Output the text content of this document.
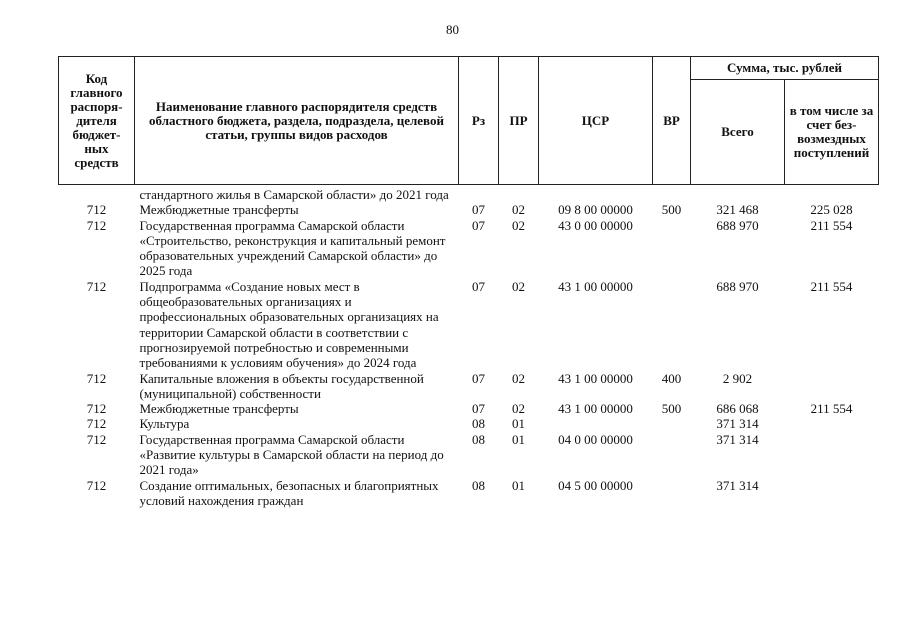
80
Код главного распоря-дителя бюджет-ных средств	Наименование главного распорядителя средств областного бюджета, раздела, подраздела, целевой статьи, группы видов расходов	Рз	ПР	ЦСР	ВР	Сумма, тыс. рублей	
						Всего	в том числе за счет без-возмездных поступлений
	стандартного жилья в Самарской области» до 2021 года						
712	Межбюджетные трансферты	07	02	09 8 00 00000	500	321 468	225 028
712	Государственная программа Самарской области «Строительство, реконструкция и капитальный ремонт образовательных учреждений Самарской области» до 2025 года	07	02	43 0 00 00000		688 970	211 554
712	Подпрограмма «Создание новых мест в общеобразовательных организациях и профессиональных образовательных организациях на территории Самарской области в соответствии с прогнозируемой потребностью и современными требованиями к условиям обучения» до 2024 года	07	02	43 1 00 00000		688 970	211 554
712	Капитальные вложения в объекты государственной (муниципальной) собственности	07	02	43 1 00 00000	400	2 902	
712	Межбюджетные трансферты	07	02	43 1 00 00000	500	686 068	211 554
712	Культура	08	01			371 314	
712	Государственная программа Самарской области «Развитие культуры в Самарской области на период до 2021 года»	08	01	04 0 00 00000		371 314	
712	Создание оптимальных, безопасных и благоприятных условий нахождения граждан	08	01	04 5 00 00000		371 314	
